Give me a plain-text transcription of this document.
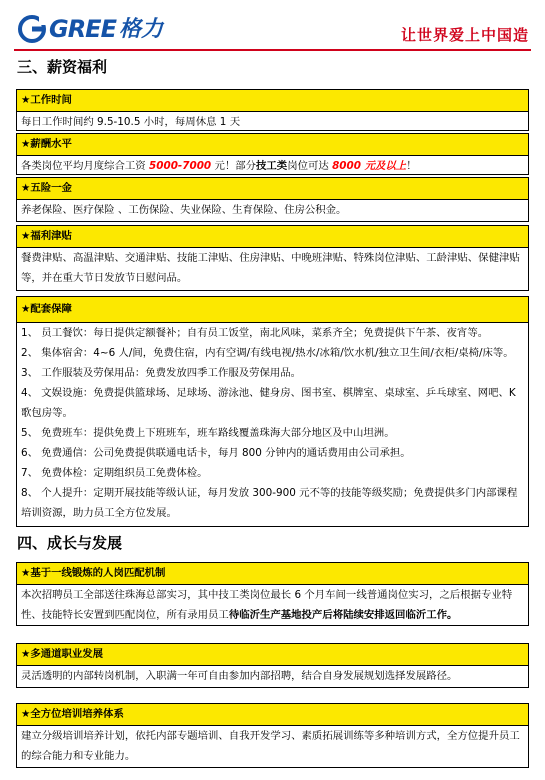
GREE 格力	让世界爱上中国造
三、薪资福利
★工作时间
每日工作时间约 9.5-10.5 小时，每周休息 1 天
★薪酬水平
各类岗位平均月度综合工资 5000-7000 元！部分技工类岗位可达 8000 元及以上！
★五险一金
养老保险、医疗保险 、工伤保险、失业保险、生育保险、住房公积金。
★福利津贴
餐费津贴、高温津贴、交通津贴、技能工津贴、住房津贴、中晚班津贴、特殊岗位津贴、工龄津贴、保健津贴等，并在重大节日发放节日慰问品。
★配套保障
1、 员工餐饮：每日提供定额餐补；自有员工饭堂，南北风味，菜系齐全；免费提供下午茶、夜宵等。
2、 集体宿舍：4~6 人/间，免费住宿，内有空调/有线电视/热水/冰箱/饮水机/独立卫生间/衣柜/桌椅/床等。
3、 工作服装及劳保用品：免费发放四季工作服及劳保用品。
4、 文娱设施：免费提供篮球场、足球场、游泳池、健身房、图书室、棋牌室、桌球室、乒乓球室、网吧、K 歌包房等。
5、 免费班车：提供免费上下班班车，班车路线覆盖珠海大部分地区及中山坦洲。
6、 免费通信：公司免费提供联通电话卡，每月 800 分钟内的通话费用由公司承担。
7、 免费体检：定期组织员工免费体检。
8、 个人提升：定期开展技能等级认证，每月发放 300-900 元不等的技能等级奖励；免费提供多门内部课程培训资源，助力员工全方位发展。
四、成长与发展
★基于一线锻炼的人岗匹配机制
本次招聘员工全部送往珠海总部实习，其中技工类岗位最长 6 个月车间一线普通岗位实习，之后根据专业特性、技能特长安置到匹配岗位，所有录用员工待临沂生产基地投产后将陆续安排返回临沂工作。
★多通道职业发展
灵活透明的内部转岗机制，入职满一年可自由参加内部招聘，结合自身发展规划选择发展路径。
★全方位培训培养体系
建立分级培训培养计划，依托内部专题培训、自我开发学习、素质拓展训练等多种培训方式，全方位提升员工的综合能力和专业能力。
